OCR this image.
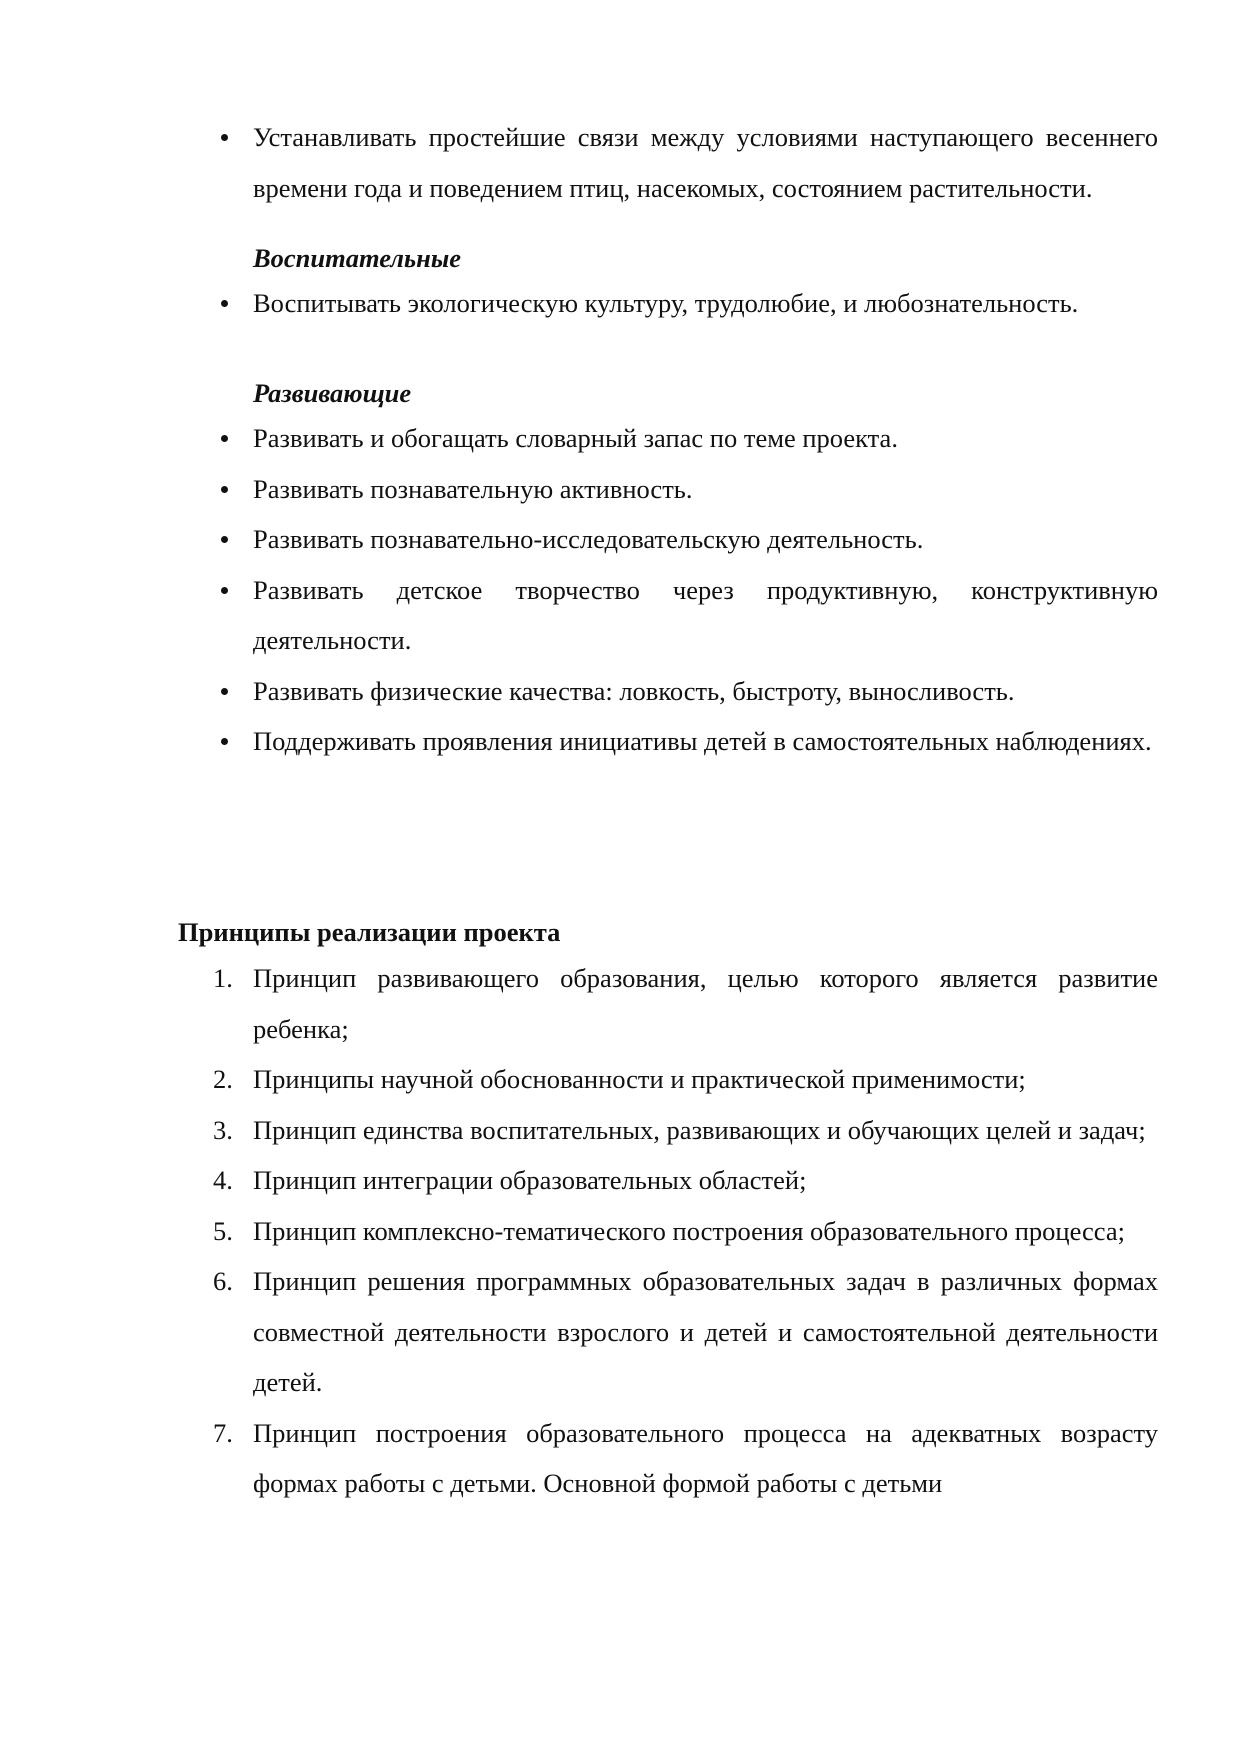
Устанавливать простейшие связи между условиями наступающего весеннего времени года и поведением птиц, насекомых, состоянием растительности.
Воспитательные
Воспитывать экологическую культуру, трудолюбие, и любознательность.
Развивающие
Развивать и обогащать словарный запас по теме проекта.
Развивать познавательную активность.
Развивать познавательно-исследовательскую деятельность.
Развивать детское творчество через продуктивную, конструктивную деятельности.
Развивать физические качества: ловкость, быстроту, выносливость.
Поддерживать проявления инициативы детей в самостоятельных наблюдениях.
Принципы реализации проекта
1. Принцип развивающего образования, целью которого является развитие ребенка;
2. Принципы научной обоснованности и практической применимости;
3. Принцип единства воспитательных, развивающих и обучающих целей и задач;
4. Принцип интеграции образовательных областей;
5. Принцип комплексно-тематического построения образовательного процесса;
6. Принцип решения программных образовательных задач в различных формах совместной деятельности взрослого и детей и самостоятельной деятельности детей.
7. Принцип построения образовательного процесса на адекватных возрасту формах работы с детьми. Основной формой работы с детьми
